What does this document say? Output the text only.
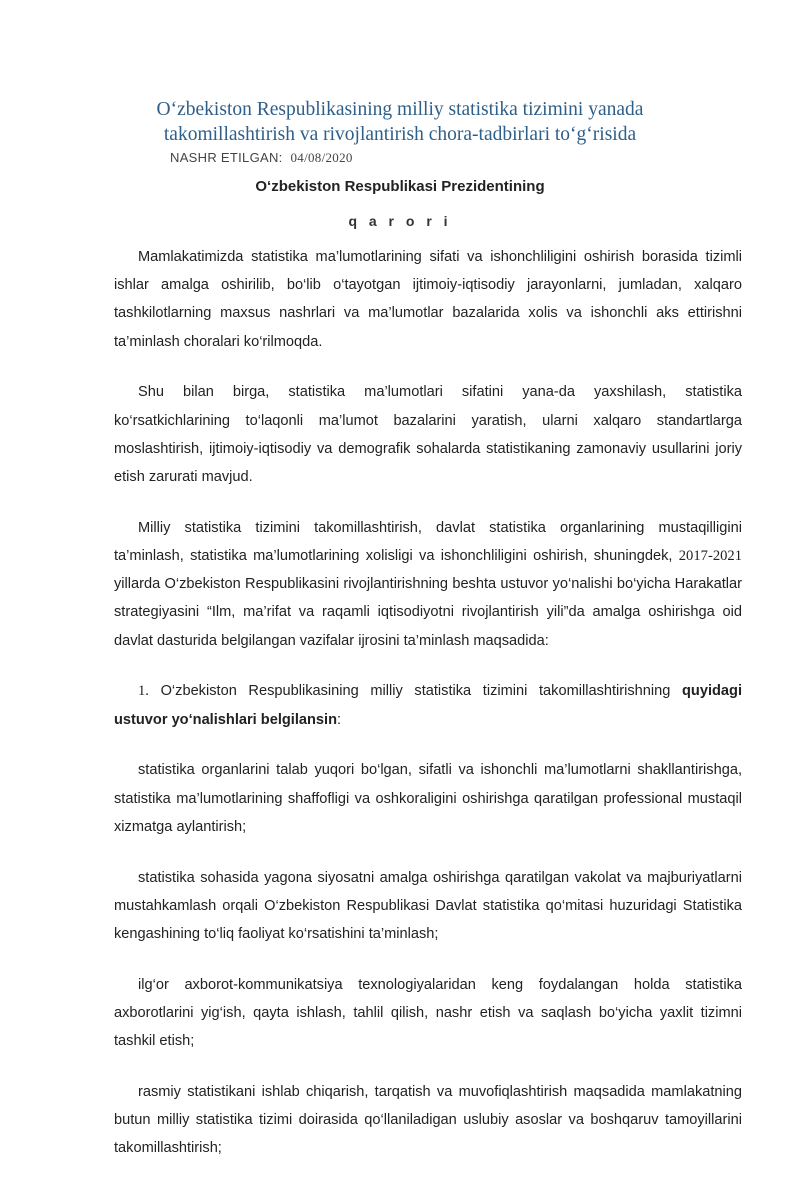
O‘zbekiston Respublikasining milliy statistika tizimini yanada
takomillashtirish va rivojlantirish chora-tadbirlari to‘g‘risida
NASHR ETILGAN: 04/08/2020
O‘zbekiston Respublikasi Prezidentining
q a r o r i

Mamlakatimizda statistika ma’lumotlarining sifati va ishonchliligini oshirish borasida tizimli ishlar amalga oshirilib, bo‘lib o‘tayotgan ijtimoiy-iqtisodiy jarayonlarni, jumladan, xalqaro tashkilotlarning maxsus nashrlari va ma’lumotlar bazalarida xolis va ishonchli aks ettirishni ta’minlash choralari ko‘rilmoqda.

Shu bilan birga, statistika ma’lumotlari sifatini yana-da yaxshilash, statistika ko‘rsatkichlarining to‘laqonli ma’lumot bazalarini yaratish, ularni xalqaro standartlarga moslashtirish, ijtimoiy-iqtisodiy va demografik sohalarda statistikaning zamonaviy usullarini joriy etish zarurati mavjud.

Milliy statistika tizimini takomillashtirish, davlat statistika organlarining mustaqilligini ta’minlash, statistika ma’lumotlarining xolisligi va ishonchliligini oshirish, shuningdek, 2017-2021 yillarda O‘zbekiston Respublikasini rivojlantirishning beshta ustuvor yo‘nalishi bo‘yicha Harakatlar strategiyasini “Ilm, ma’rifat va raqamli iqtisodiyotni rivojlantirish yili”da amalga oshirishga oid davlat dasturida belgilangan vazifalar ijrosini ta’minlash maqsadida:

1. O‘zbekiston Respublikasining milliy statistika tizimini takomillashtirishning quyidagi ustuvor yo‘nalishlari belgilansin:

statistika organlarini talab yuqori bo‘lgan, sifatli va ishonchli ma’lumotlarni shakllantirishga, statistika ma’lumotlarining shaffofligi va oshkoraligini oshirishga qaratilgan professional mustaqil xizmatga aylantirish;

statistika sohasida yagona siyosatni amalga oshirishga qaratilgan vakolat va majburiyatlarni mustahkamlash orqali O‘zbekiston Respublikasi Davlat statistika qo‘mitasi huzuridagi Statistika kengashining to‘liq faoliyat ko‘rsatishini ta’minlash;

ilg‘or axborot-kommunikatsiya texnologiyalaridan keng foydalangan holda statistika axborotlarini yig‘ish, qayta ishlash, tahlil qilish, nashr etish va saqlash bo‘yicha yaxlit tizimni tashkil etish;

rasmiy statistikani ishlab chiqarish, tarqatish va muvofiqlashtirish maqsadida mamlakatning butun milliy statistika tizimi doirasida qo‘llaniladigan uslubiy asoslar va boshqaruv tamoyillarini takomillashtirish;
